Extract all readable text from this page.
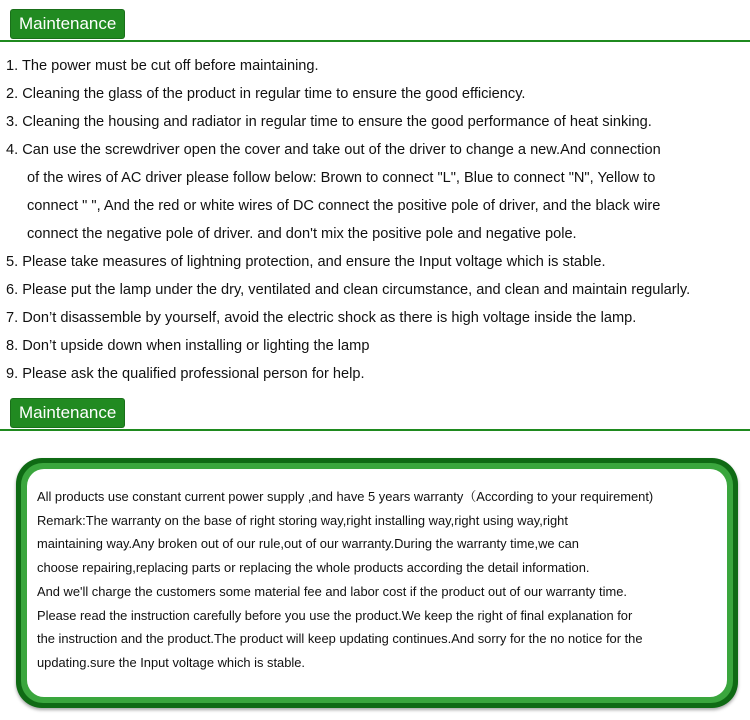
Maintenance
1. The power must be cut off before maintaining.
2. Cleaning the glass of the product in regular time to ensure the good efficiency.
3. Cleaning the housing and radiator in regular time to ensure the good performance of heat sinking.
4. Can use the screwdriver open the cover and take out of the driver to change a new.And connection
of the wires of AC driver please follow below: Brown to connect "L", Blue to connect "N", Yellow to
connect " ", And the red or white wires of DC connect the positive pole of driver, and the black wire
connect the negative pole of driver. and don't mix the positive pole and negative pole.
5. Please take measures of lightning protection, and ensure the Input voltage which is stable.
6. Please put the lamp under the dry, ventilated and clean circumstance, and clean and maintain regularly.
7. Don’t disassemble by yourself, avoid the electric shock as there is high voltage inside the lamp.
8. Don’t upside down when installing or lighting the lamp
9. Please ask the qualified professional person for help.
Maintenance
All products use constant current power supply ,and have 5 years warranty（According to your requirement)
Remark:The warranty on the base of right storing way,right installing way,right using way,right
maintaining way.Any broken out of our rule,out of our warranty.During the warranty time,we can
choose repairing,replacing parts or replacing the whole products according the detail information.
And we'll charge the customers some material fee and labor cost if the product out of our warranty time.
Please read the instruction carefully before you use the product.We keep the right of final explanation for
the instruction and the product.The product will keep updating continues.And sorry for the no notice for the
updating.sure the Input voltage which is stable.
